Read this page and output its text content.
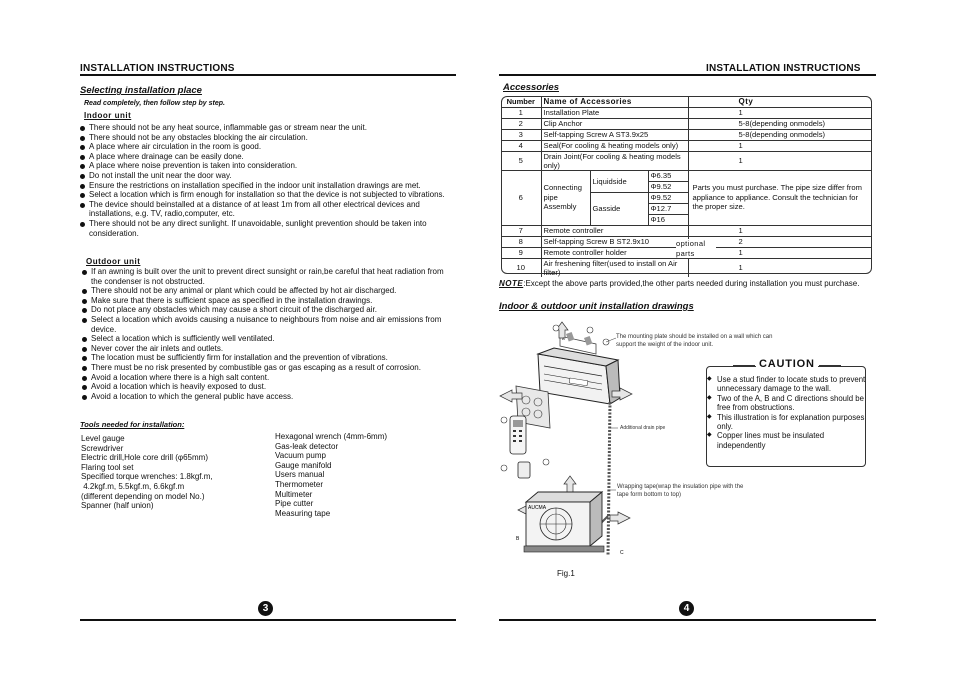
INSTALLATION INSTRUCTIONS
Selecting installation place
Read completely, then follow step by step.
Indoor unit
There should not be any heat source, inflammable gas or stream near the unit.
There should not be any obstacles blocking the air circulation.
A place where air circulation in the room is good.
A place where drainage can be easily done.
A place where noise prevention is taken into consideration.
Do not install the unit near the door way.
Ensure the restrictions on installation specified in the indoor unit installation drawings are met.
Select a location which is firm enough for installation so that the device is not subjected to vibrations.
The device should beinstalled at a distance of at least 1m from all other electrical devices and installations, e.g. TV, radio,computer, etc.
There should not be any direct sunlight. If unavoidable, sunlight prevention should be taken into consideration.
Outdoor unit
If an awning is built over the unit to prevent direct sunsight or rain,be careful that heat radiation from the condenser is not obstructed.
There should not be any animal or plant which could be affected by hot air discharged.
Make sure that there is sufficient space as specified in the installation drawings.
Do not place any obstacles which may cause a short circuit of the discharged air.
Select a location which avoids causing a nuisance to neighbours from noise and air emissions from device.
Select a location which is sufficiently well ventilated.
Never cover the air inlets and outlets.
The location must be sufficiently firm for installation and the prevention of vibrations.
There must be no risk presented by combustible gas or gas escaping as a result of corrosion.
Avoid a location where there is a high salt content.
Avoid a location which is heavily exposed to dust.
Avoid a location to which the general public have access.
Tools needed for installation:
Level gauge
Screwdriver
Electric drill,Hole core drill (φ65mm)
Flaring tool set
Specified torque wrenches: 1.8kgf.m,
4.2kgf.m, 5.5kgf.m, 6.6kgf.m
(different depending on model No.)
Spanner (half union)
Hexagonal wrench (4mm-6mm)
Gas-leak detector
Vacuum pump
Gauge manifold
Users manual
Thermometer
Multimeter
Pipe cutter
Measuring tape
3
INSTALLATION INSTRUCTIONS
Accessories
Number	Name of Accessories			Qty
1	Installation Plate			1
2	Clip Anchor			5-8(depending onmodels)
3	Self-tapping Screw A ST3.9x25			5-8(depending onmodels)
4	Seal(For cooling & heating models only)			1
5	Drain Joint(For cooling & heating models only)			1
6	Connecting pipe Assembly	Liquidside	Φ6.35	Parts you must purchase. The pipe size differ from appliance to appliance. Consult the technician for the proper size.
			Φ9.52	
		Gasside	Φ9.52	
			Φ12.7	
			Φ16	
7	Remote controller			1
8	Self-tapping Screw B ST2.9x10			2
9	Remote controller holder			1
10	Air freshening filter(used to install on Air filter)			1
optional parts
NOTE:Except the above parts provided,the other parts needed during installation you must purchase.
Indoor & outdoor unit installation drawings
AUCMA
B
C
A	The mounting plate should be installed on a wall which can support the weight of the indoor unit.
Additional drain pipe
Wrapping tape(wrap the insulation pipe with the tape form bottom to top)
Fig.1
CAUTION
◆ Use a stud finder to locate studs to prevent unnecessary damage to the wall.
◆ Two of the A, B and C directions should be free from obstructions.
◆ This illustration is for explanation purposes only.
◆ Copper lines must be insulated independently
4
